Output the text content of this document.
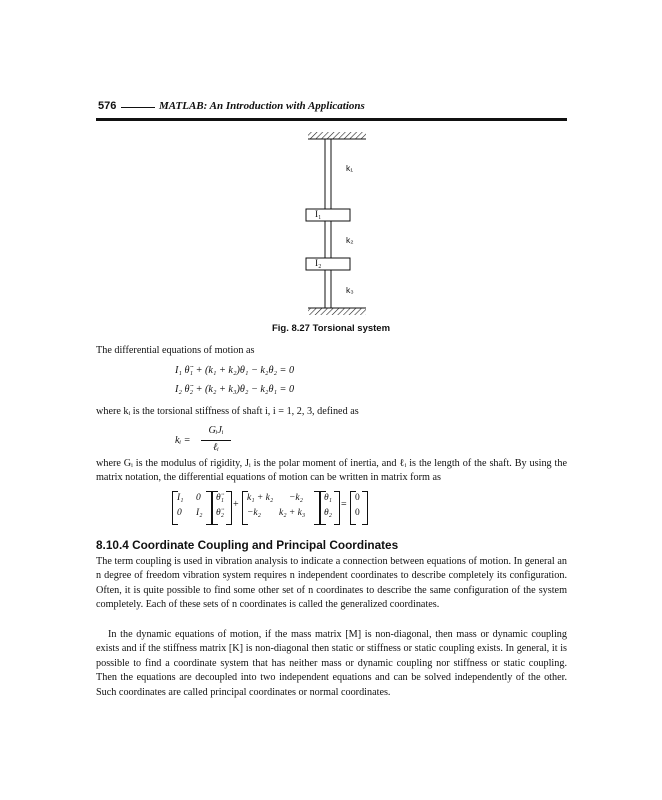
576	MATLAB: An Introduction with Applications
k₁
I₁
k₂
I₂
k₃
Fig. 8.27 Torsional system
The differential equations of motion as
I₁ θ̈₁ + (k₁ + k₂)θ₁ − k₂θ₂ = 0
I₂ θ̈₂ + (k₂ + k₃)θ₂ − k₂θ₁ = 0
where kᵢ is the torsional stiffness of shaft i, i = 1, 2, 3, defined as
kᵢ =
GᵢJᵢ
ℓᵢ
where Gᵢ is the modulus of rigidity, Jᵢ is the polar moment of inertia, and ℓᵢ is the length of the shaft. By using the matrix notation, the differential equations of motion can be written in matrix form as
I₁ 0
0 I₂
θ̈₁
θ̈₂
+
k₁ + k₂ −k₂
−k₂ k₂ + k₃
θ₁
θ₂
=
0
0
8.10.4 Coordinate Coupling and Principal Coordinates
The term coupling is used in vibration analysis to indicate a connection between equations of motion. In general an n degree of freedom vibration system requires n independent coordinates to describe completely its configuration. Often, it is quite possible to find some other set of n coordinates to describe the same configuration of the system completely. Each of these sets of n coordinates is called the generalized coordinates.
In the dynamic equations of motion, if the mass matrix [M] is non-diagonal, then mass or dynamic coupling exists and if the stiffness matrix [K] is non-diagonal then static or stiffness or static coupling exists. In general, it is possible to find a coordinate system that has neither mass or dynamic coupling nor stiffness or static coupling. Then the equations are decoupled into two independent equations and can be solved independently of the other. Such coordinates are called principal coordinates or normal coordinates.
